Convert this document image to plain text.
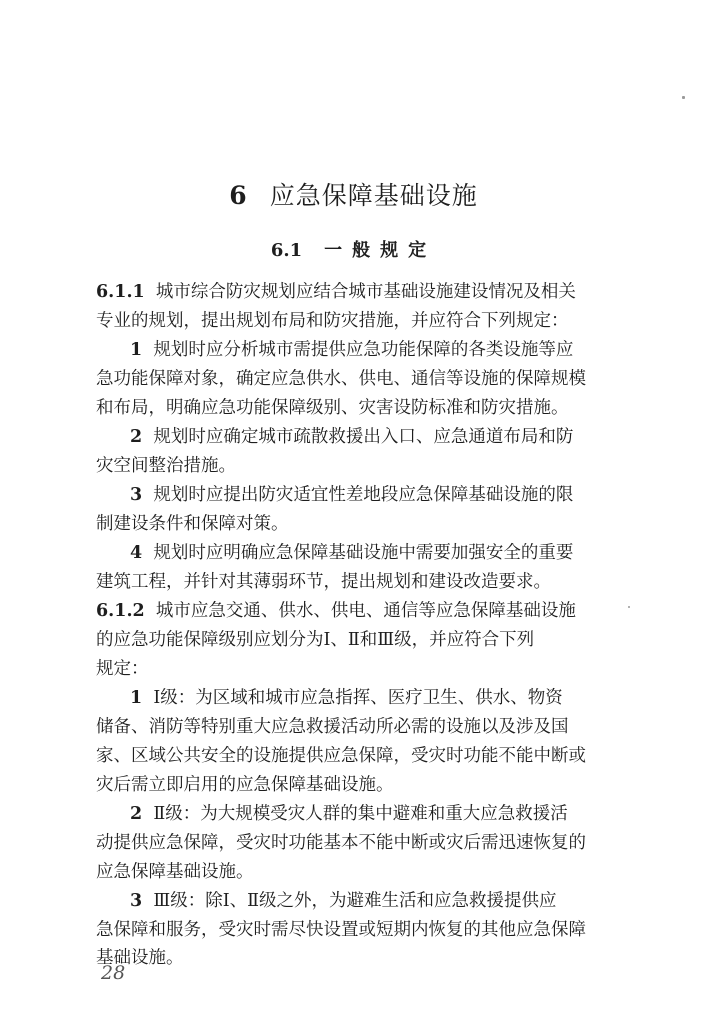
6 应急保障基础设施
6.1 一般规定
6.1.1 城市综合防灾规划应结合城市基础设施建设情况及相关
专业的规划，提出规划布局和防灾措施，并应符合下列规定：
1 规划时应分析城市需提供应急功能保障的各类设施等应
急功能保障对象，确定应急供水、供电、通信等设施的保障规模
和布局，明确应急功能保障级别、灾害设防标准和防灾措施。
2 规划时应确定城市疏散救援出入口、应急通道布局和防
灾空间整治措施。
3 规划时应提出防灾适宜性差地段应急保障基础设施的限
制建设条件和保障对策。
4 规划时应明确应急保障基础设施中需要加强安全的重要
建筑工程，并针对其薄弱环节，提出规划和建设改造要求。
6.1.2 城市应急交通、供水、供电、通信等应急保障基础设施
的应急功能保障级别应划分为Ⅰ、Ⅱ和Ⅲ级，并应符合下列
规定：
1 Ⅰ级：为区域和城市应急指挥、医疗卫生、供水、物资
储备、消防等特别重大应急救援活动所必需的设施以及涉及国
家、区域公共安全的设施提供应急保障，受灾时功能不能中断或
灾后需立即启用的应急保障基础设施。
2 Ⅱ级：为大规模受灾人群的集中避难和重大应急救援活
动提供应急保障，受灾时功能基本不能中断或灾后需迅速恢复的
应急保障基础设施。
3 Ⅲ级：除Ⅰ、Ⅱ级之外，为避难生活和应急救援提供应
急保障和服务，受灾时需尽快设置或短期内恢复的其他应急保障
基础设施。
28
